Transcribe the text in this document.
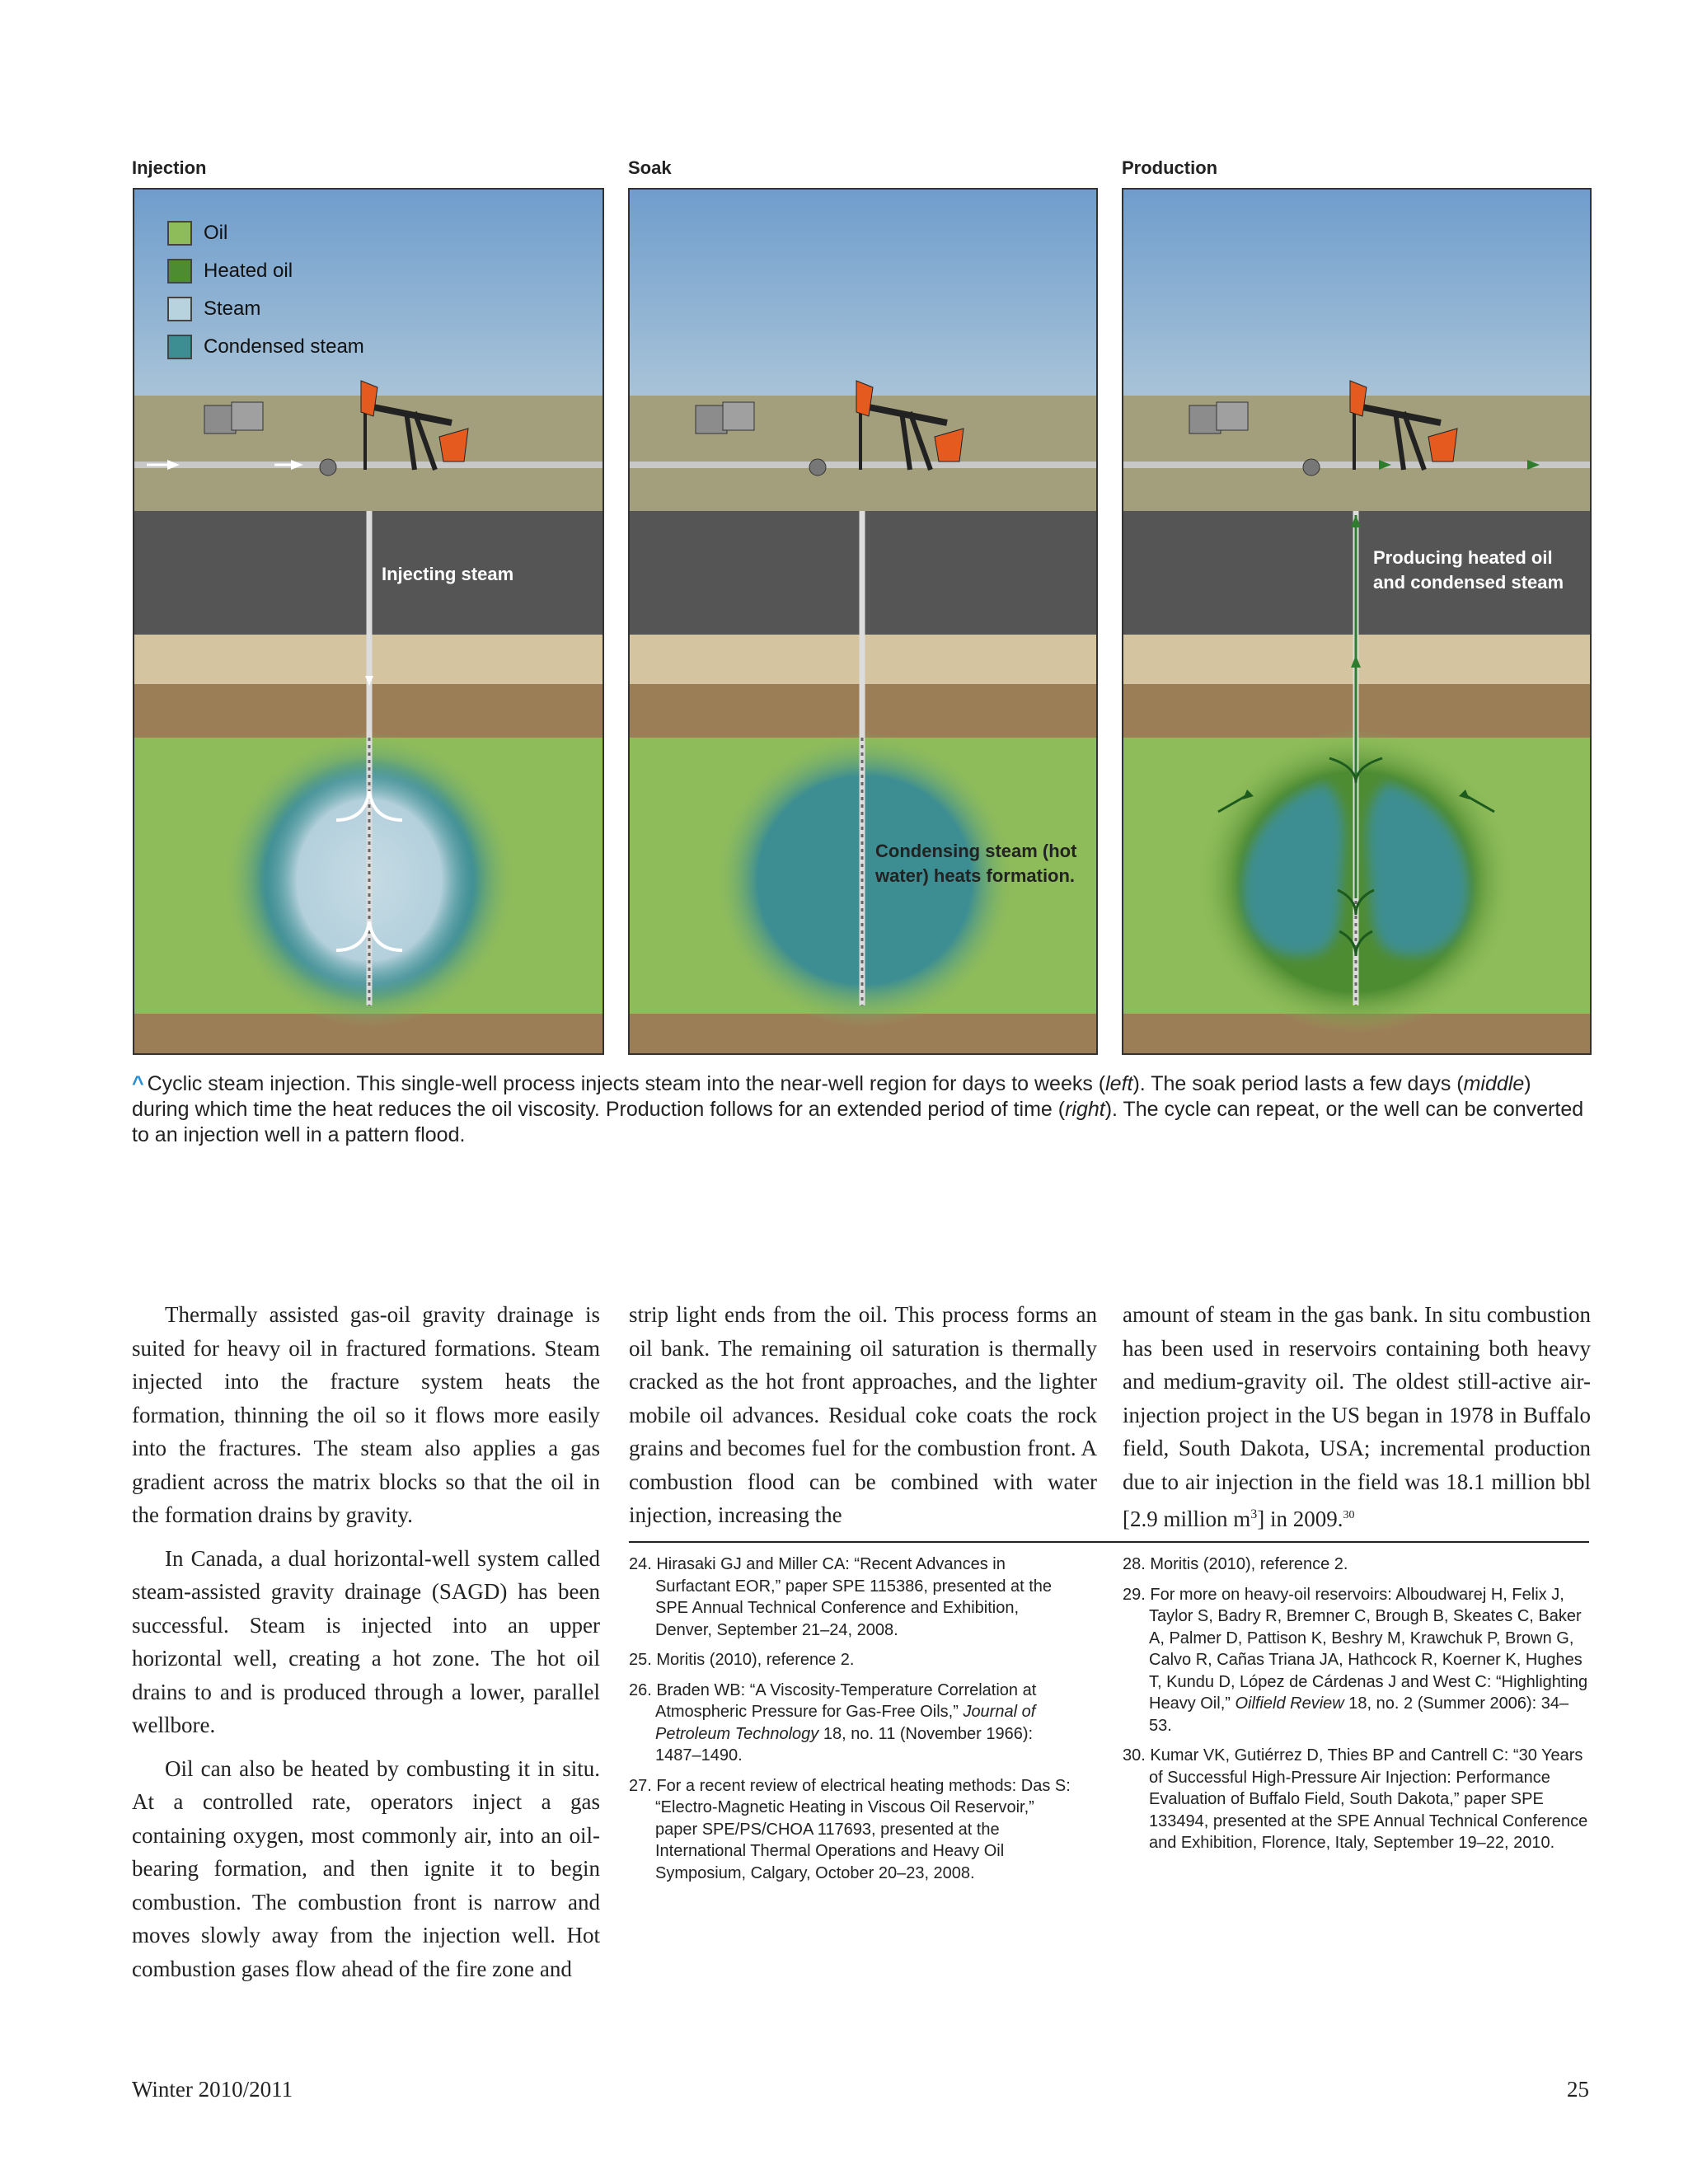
Injection	Soak	Production
Oil
Heated oil
Steam
Condensed steam
Injecting steam
Condensing steam (hot
water) heats formation.
Producing heated oil
and condensed steam
^ Cyclic steam injection. This single-well process injects steam into the near-well region for days to weeks (left). The soak period lasts a few days (middle) during which time the heat reduces the oil viscosity. Production follows for an extended period of time (right). The cycle can repeat, or the well can be converted to an injection well in a pattern flood.

Thermally assisted gas-oil gravity drainage is suited for heavy oil in fractured formations. Steam injected into the fracture system heats the formation, thinning the oil so it flows more easily into the fractures. The steam also applies a gas gradient across the matrix blocks so that the oil in the formation drains by gravity.

In Canada, a dual horizontal-well system called steam-assisted gravity drainage (SAGD) has been successful. Steam is injected into an upper horizontal well, creating a hot zone. The hot oil drains to and is produced through a lower, parallel wellbore.

Oil can also be heated by combusting it in situ. At a controlled rate, operators inject a gas containing oxygen, most commonly air, into an oil-bearing formation, and then ignite it to begin combustion. The combustion front is narrow and moves slowly away from the injection well. Hot combustion gases flow ahead of the fire zone and

strip light ends from the oil. This process forms an oil bank. The remaining oil saturation is thermally cracked as the hot front approaches, and the lighter mobile oil advances. Residual coke coats the rock grains and becomes fuel for the combustion front. A combustion flood can be combined with water injection, increasing the

amount of steam in the gas bank. In situ combustion has been used in reservoirs containing both heavy and medium-gravity oil. The oldest still-active air-injection project in the US began in 1978 in Buffalo field, South Dakota, USA; incremental production due to air injection in the field was 18.1 million bbl [2.9 million $m^3$] in 2009.30

24. Hirasaki GJ and Miller CA: “Recent Advances in Surfactant EOR,” paper SPE 115386, presented at the SPE Annual Technical Conference and Exhibition, Denver, September 21–24, 2008.
25. Moritis (2010), reference 2.
26. Braden WB: “A Viscosity-Temperature Correlation at Atmospheric Pressure for Gas-Free Oils,” Journal of Petroleum Technology 18, no. 11 (November 1966): 1487–1490.
27. For a recent review of electrical heating methods: Das S: “Electro-Magnetic Heating in Viscous Oil Reservoir,” paper SPE/PS/CHOA 117693, presented at the International Thermal Operations and Heavy Oil Symposium, Calgary, October 20–23, 2008.
28. Moritis (2010), reference 2.
29. For more on heavy-oil reservoirs: Alboudwarej H, Felix J, Taylor S, Badry R, Bremner C, Brough B, Skeates C, Baker A, Palmer D, Pattison K, Beshry M, Krawchuk P, Brown G, Calvo R, Cañas Triana JA, Hathcock R, Koerner K, Hughes T, Kundu D, López de Cárdenas J and West C: “Highlighting Heavy Oil,” Oilfield Review 18, no. 2 (Summer 2006): 34–53.
30. Kumar VK, Gutiérrez D, Thies BP and Cantrell C: “30 Years of Successful High-Pressure Air Injection: Performance Evaluation of Buffalo Field, South Dakota,” paper SPE 133494, presented at the SPE Annual Technical Conference and Exhibition, Florence, Italy, September 19–22, 2010.
Winter 2010/2011	25
